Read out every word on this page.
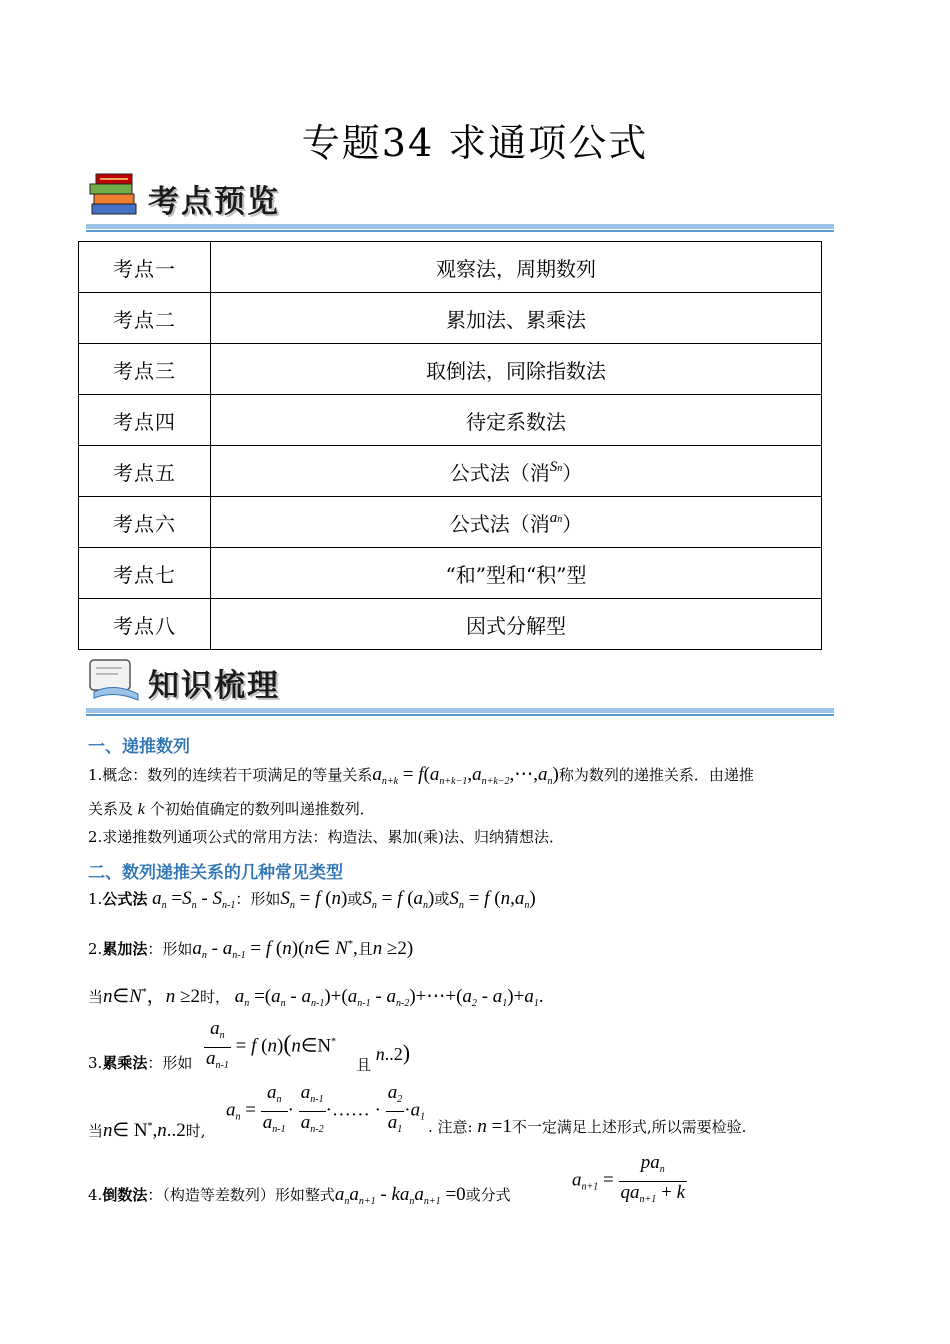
专题34 求通项公式
考点预览
考点一	观察法，周期数列
考点二	累加法、累乘法
考点三	取倒法，同除指数法
考点四	待定系数法
考点五	公式法（消$^{Sn}$）
考点六	公式法（消$^{an}$）
考点七	“和”型和“积”型
考点八	因式分解型
知识梳理
一、递推数列
1.概念：数列的连续若干项满足的等量关系$a_{n+k}$ = $f(a_{n+k-1},a_{n+k-2},\cdots,a_n)$称为数列的递推关系．由递推
关系及 k 个初始值确定的数列叫递推数列．
2.求递推数列通项公式的常用方法：构造法、累加(乘)法、归纳猜想法．
二、数列递推关系的几种常见类型
1.公式法 $a_n =S_n - S_{n-1}$：形如$S_n = f$ (n)或$S_n = f$ $(a_n)$或$S_n = f$ $(n,a_n)$
2.累加法：形如$a_n - a_{n-1} = f$ (n)(n∈ N*,且n ≥2)
当n∈N*，n ≥2时， $a_n =(a_n - a_{n-1})+(a_{n-1}$ - $a_{n-2})+\cdots+(a_2 - a_1)+a_1$.
3.累乘法：形如 $\frac{a_n}{a_{n-1}} = f$ (n)(n∈N*
且 n..2)
当n∈ N*,n..2时,
$a_n = \frac{a_n}{a_{n-1}} \cdot \frac{a_{n-1}}{a_{n-2}}$ ·…… · $\frac{a_2}{a_1} \cdot a_1$
. 注意: n =1不一定满足上述形式,所以需要检验.
4.倒数法：（构造等差数列）形如整式$a_na_{n+1} - ka_na_{n+1} =0$或分式
$a_{n+1} = \frac{pa_n}{qa_{n+1} + k}$
